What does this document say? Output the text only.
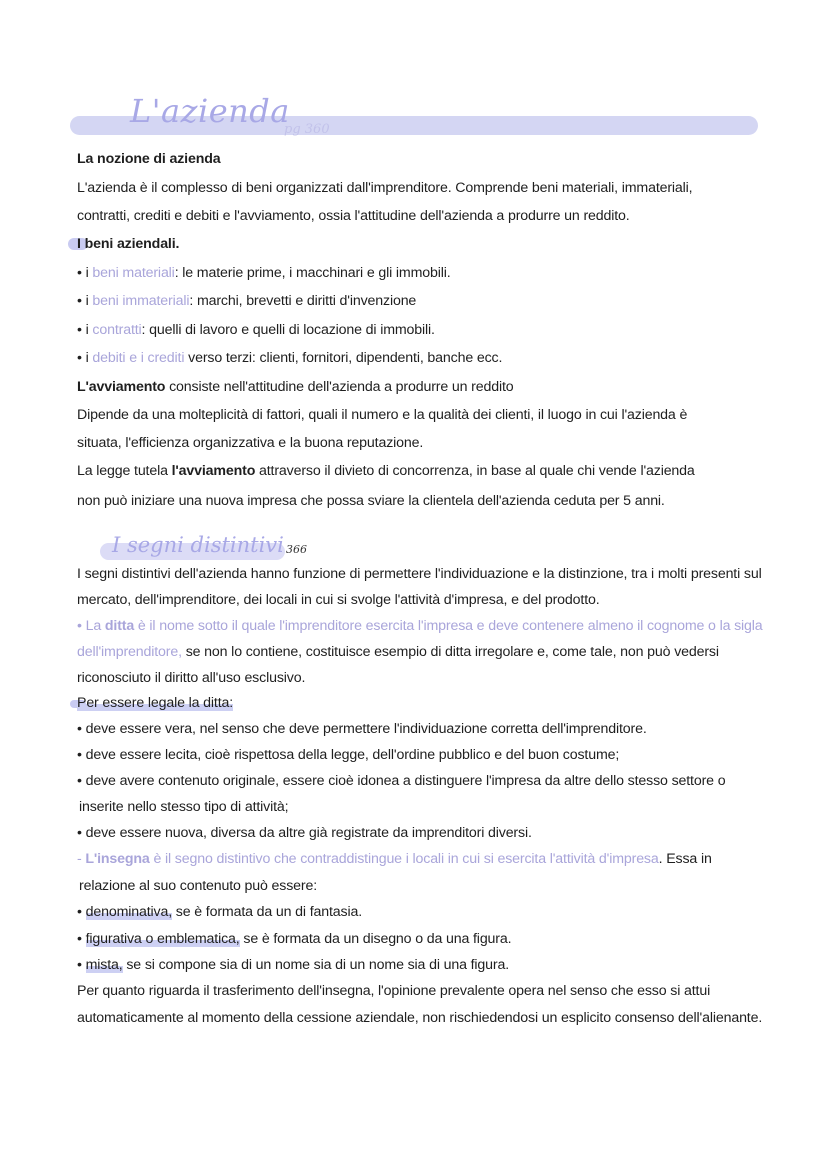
L'azienda
pg 360
La nozione di azienda
L'azienda è il complesso di beni organizzati dall'imprenditore. Comprende beni materiali, immateriali,
contratti, crediti e debiti e l'avviamento, ossia l'attitudine dell'azienda a produrre un reddito.
I beni aziendali.
• i beni materiali: le materie prime, i macchinari e gli immobili.
• i beni immateriali: marchi, brevetti e diritti d'invenzione
• i contratti: quelli di lavoro e quelli di locazione di immobili.
• i debiti e i crediti verso terzi: clienti, fornitori, dipendenti, banche ecc.
L'avviamento consiste nell'attitudine dell'azienda a produrre un reddito
Dipende da una molteplicità di fattori, quali il numero e la qualità dei clienti, il luogo in cui l'azienda è
situata, l'efficienza organizzativa e la buona reputazione.
La legge tutela l'avviamento attraverso il divieto di concorrenza, in base al quale chi vende l'azienda
non può iniziare una nuova impresa che possa sviare la clientela dell'azienda ceduta per 5 anni.
I segni distintivi 366
I segni distintivi dell'azienda hanno funzione di permettere l'individuazione e la distinzione, tra i molti presenti sul
mercato, dell'imprenditore, dei locali in cui si svolge l'attività d'impresa, e del prodotto.
• La ditta è il nome sotto il quale l'imprenditore esercita l'impresa e deve contenere almeno il cognome o la sigla
dell'imprenditore, se non lo contiene, costituisce esempio di ditta irregolare e, come tale, non può vedersi
riconosciuto il diritto all'uso esclusivo.
Per essere legale la ditta:
• deve essere vera, nel senso che deve permettere l'individuazione corretta dell'imprenditore.
• deve essere lecita, cioè rispettosa della legge, dell'ordine pubblico e del buon costume;
• deve avere contenuto originale, essere cioè idonea a distinguere l'impresa da altre dello stesso settore o
inserite nello stesso tipo di attività;
• deve essere nuova, diversa da altre già registrate da imprenditori diversi.
- L'insegna è il segno distintivo che contraddistingue i locali in cui si esercita l'attività d'impresa. Essa in
relazione al suo contenuto può essere:
• denominativa, se è formata da un di fantasia.
• figurativa o emblematica, se è formata da un disegno o da una figura.
• mista, se si compone sia di un nome sia di un nome sia di una figura.
Per quanto riguarda il trasferimento dell'insegna, l'opinione prevalente opera nel senso che esso si attui
automaticamente al momento della cessione aziendale, non rischiedendosi un esplicito consenso dell'alienante.
